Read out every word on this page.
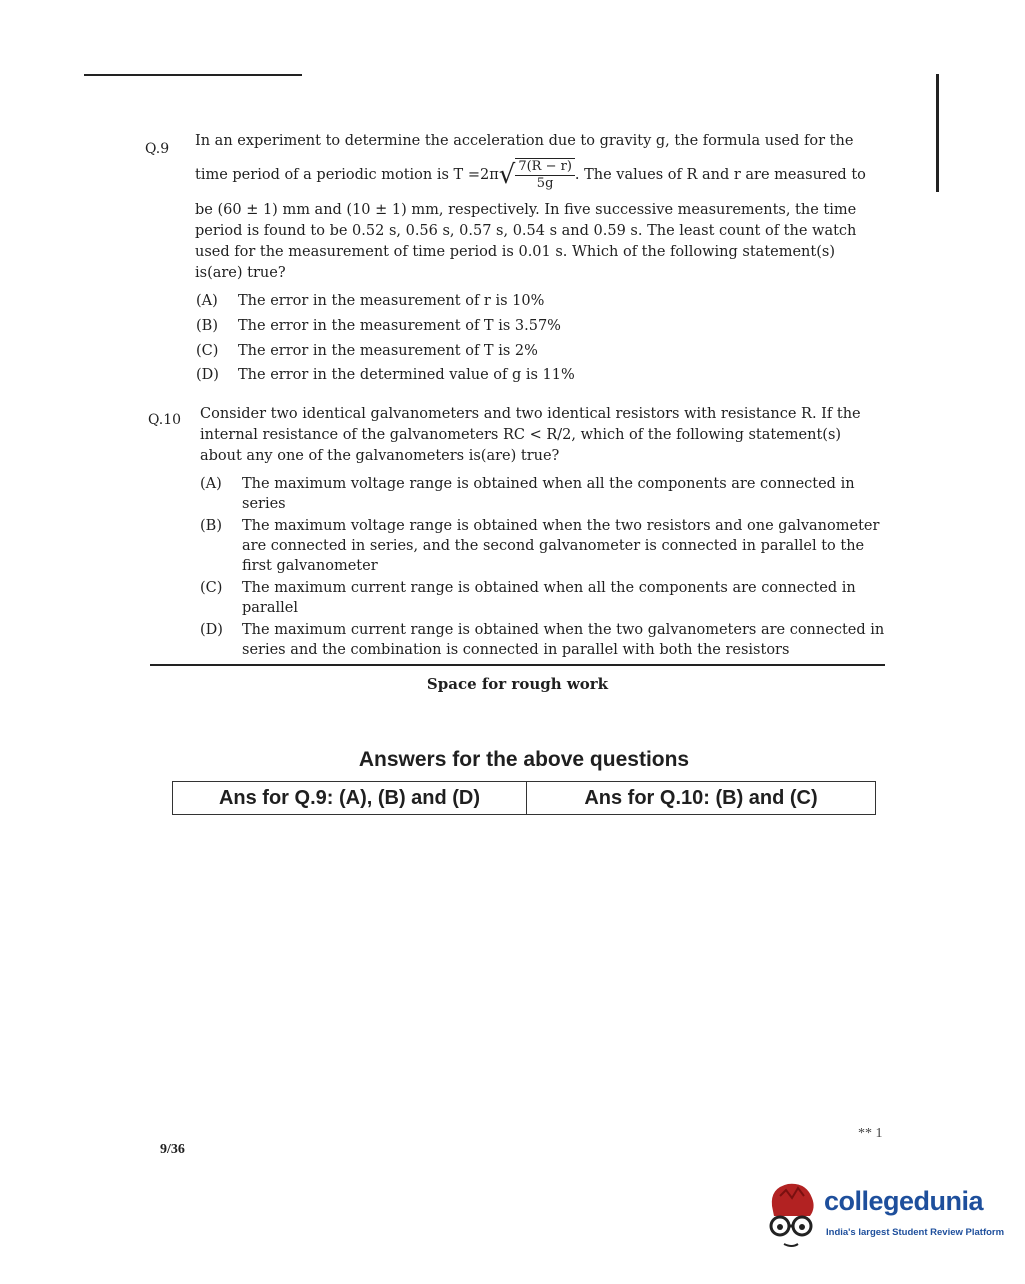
Q.9 In an experiment to determine the acceleration due to gravity g, the formula used for the
time period of a periodic motion is $T =2\pi√ \frac{7(R - r)}{5g}$ . The values of R and r are measured to
be (60 ± 1) mm and (10 ± 1) mm, respectively. In five successive measurements, the time period is found to be 0.52 s, 0.56 s, 0.57 s, 0.54 s and 0.59 s. The least count of the watch used for the measurement of time period is 0.01 s. Which of the following statement(s) is(are) true?
(A) The error in the measurement of r is 10%
(B) The error in the measurement of T is 3.57%
(C) The error in the measurement of T is 2%
(D) The error in the determined value of g is 11%
Q.10 Consider two identical galvanometers and two identical resistors with resistance R. If the internal resistance of the galvanometers RC < R/2, which of the following statement(s) about any one of the galvanometers is(are) true?
(A) The maximum voltage range is obtained when all the components are connected in series
(B) The maximum voltage range is obtained when the two resistors and one galvanometer are connected in series, and the second galvanometer is connected in parallel to the first galvanometer
(C) The maximum current range is obtained when all the components are connected in parallel
(D) The maximum current range is obtained when the two galvanometers are connected in series and the combination is connected in parallel with both the resistors
Space for rough work
Answers for the above questions
Ans for Q.9: (A), (B) and (D)	Ans for Q.10: (B) and (C)
** 1
9/36
collegedunia
India's largest Student Review Platform
